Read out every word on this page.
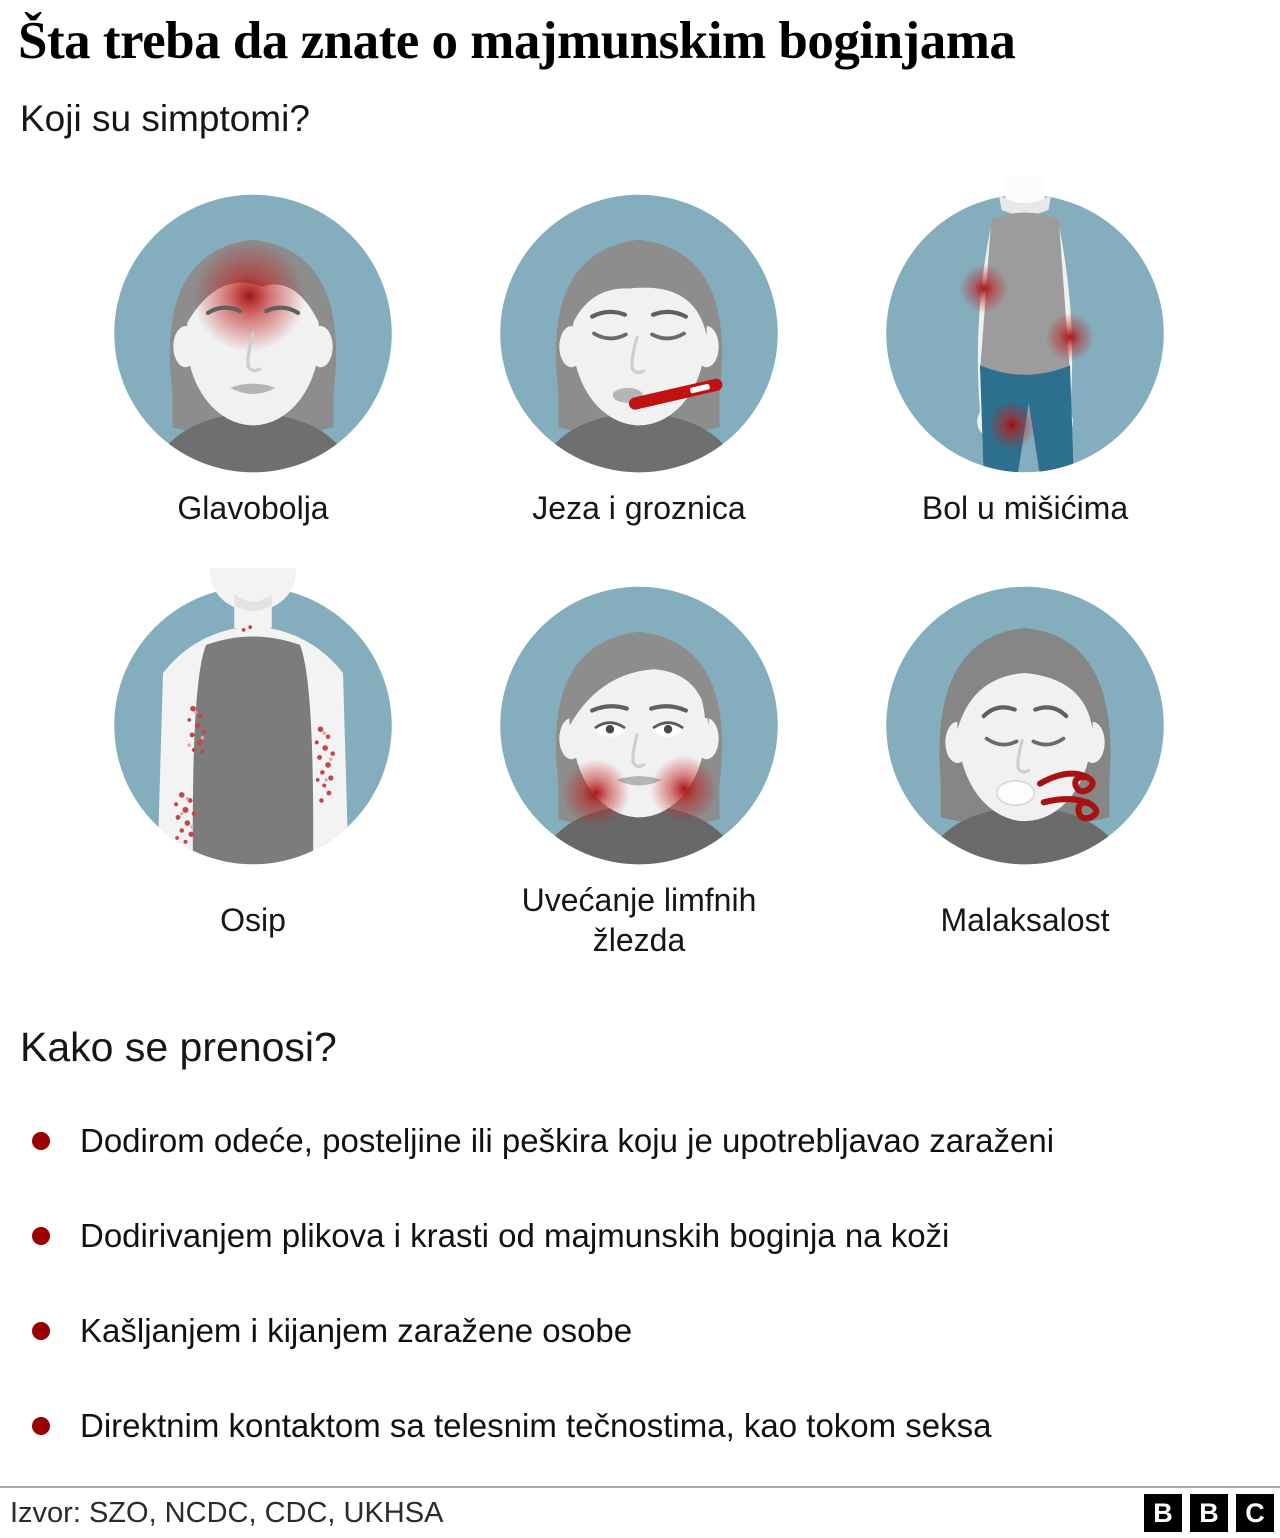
Šta treba da znate o majmunskim boginjama
Koji su simptomi?
Glavobolja	Jeza i groznica	Bol u mišićima
Osip
Uvećanje limfnih žlezda
Malaksalost
Kako se prenosi?
Dodirom odeće, posteljine ili peškira koju je upotrebljavao zaraženi
Dodirivanjem plikova i krasti od majmunskih boginja na koži
Kašljanjem i kijanjem zaražene osobe
Direktnim kontaktom sa telesnim tečnostima, kao tokom seksa
Izvor: SZO, NCDC, CDC, UKHSA	B B C
